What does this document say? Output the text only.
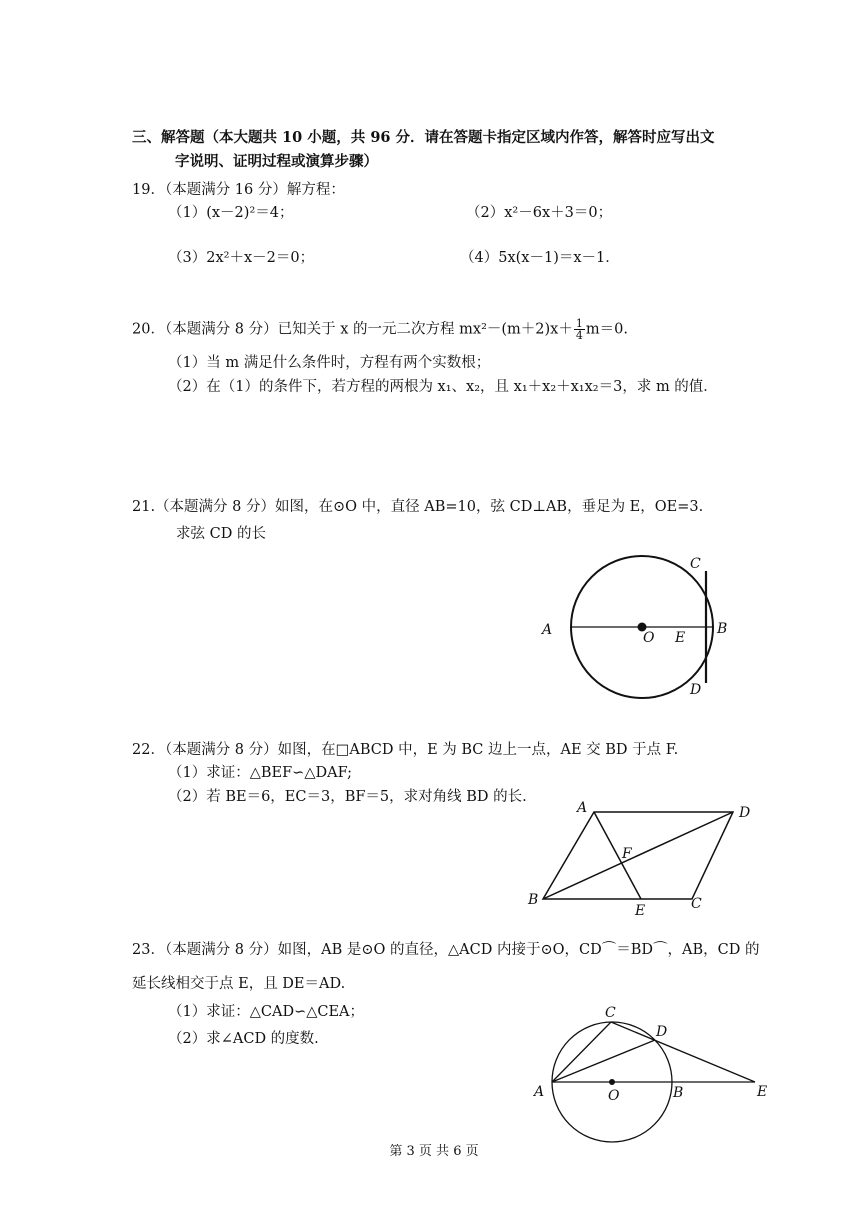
三、解答题（本大题共 10 小题，共 96 分．请在答题卡指定区域内作答，解答时应写出文
字说明、证明过程或演算步骤）
19．（本题满分 16 分）解方程：
（1）(x－2)²＝4；	（2）x²－6x＋3＝0；
（3）2x²＋x－2＝0；	（4）5x(x－1)＝x－1．
20．（本题满分 8 分）已知关于 x 的一元二次方程 $mx^2-(m+2)x+ \frac{1}{4} m=0$.
（1）当 m 满足什么条件时，方程有两个实数根；
（2）在（1）的条件下，若方程的两根为 x₁、x₂，且 x₁＋x₂＋x₁x₂＝3，求 m 的值．
21.（本题满分 8 分）如图，在⊙O 中，直径 AB=10，弦 CD⊥AB，垂足为 E，OE=3.
求弦 CD 的长
A	B
C
D
O E
22．（本题满分 8 分）如图，在□ABCD 中，E 为 BC 边上一点，AE 交 BD 于点 F.
（1）求证：△BEF∽△DAF;
（2）若 BE＝6，EC＝3，BF＝5，求对角线 BD 的长.
A	D
B	C
E
F
23．（本题满分 8 分）如图，AB 是⊙O 的直径，△ACD 内接于⊙O，CD⌒＝BD⌒，AB，CD 的
延长线相交于点 E，且 DE＝AD.
（1）求证：△CAD∽△CEA；
（2）求∠ACD 的度数.
A
C
D
O	B	E
第 3 页 共 6 页
